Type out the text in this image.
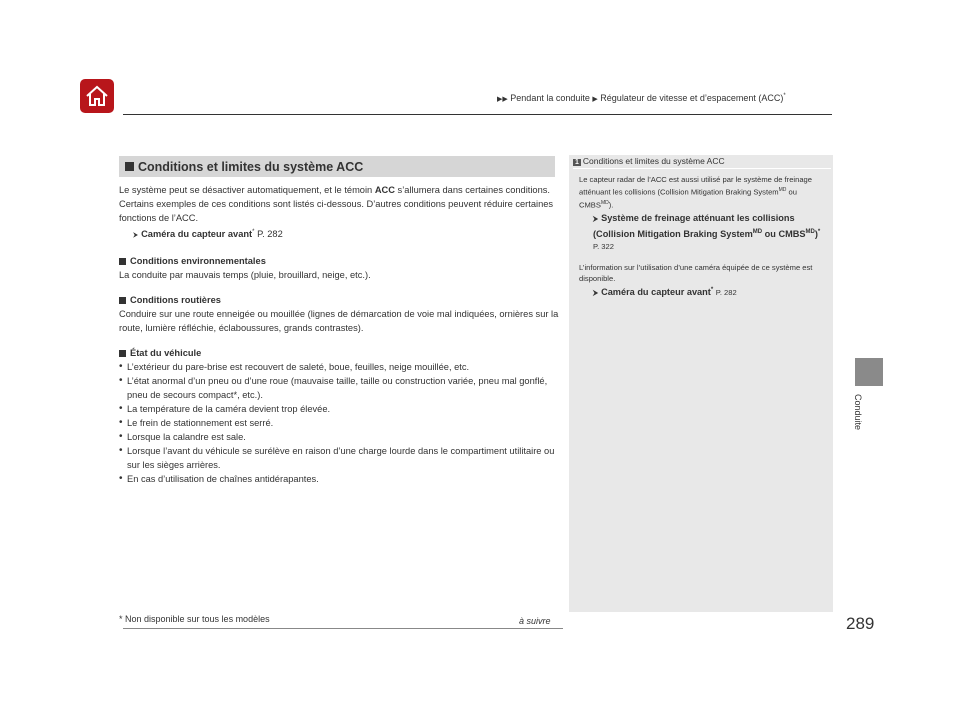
▶▶ Pendant la conduite ▶ Régulateur de vitesse et d’espacement (ACC)*
Conduite
Conditions et limites du système ACC

Le système peut se désactiver automatiquement, et le témoin ACC s’allumera dans certaines conditions. Certains exemples de ces conditions sont listés ci-dessous. D’autres conditions peuvent réduire certaines fonctions de l’ACC.

⮞ Caméra du capteur avant* P. 282

Conditions environnementales

La conduite par mauvais temps (pluie, brouillard, neige, etc.).

Conditions routières

Conduire sur une route enneigée ou mouillée (lignes de démarcation de voie mal indiquées, ornières sur la route, lumière réfléchie, éclaboussures, grands contrastes).

État du véhicule
• L’extérieur du pare-brise est recouvert de saleté, boue, feuilles, neige mouillée, etc.
• L’état anormal d’un pneu ou d’une roue (mauvaise taille, taille ou construction variée, pneu mal gonflé, pneu de secours compact*, etc.).
• La température de la caméra devient trop élevée.
• Le frein de stationnement est serré.
• Lorsque la calandre est sale.
• Lorsque l’avant du véhicule se surélève en raison d’une charge lourde dans le compartiment utilitaire ou sur les sièges arrières.
• En cas d’utilisation de chaînes antidérapantes.
1 Conditions et limites du système ACC

Le capteur radar de l’ACC est aussi utilisé par le système de freinage atténuant les collisions (Collision Mitigation Braking System$^{MD}$ ou $CMBS^{MD}$).

⮞ Système de freinage atténuant les collisions (Collision Mitigation Braking System$^{MD}$ ou $CMBS^{MD})^*$ P. 322

L’information sur l’utilisation d’une caméra équipée de ce système est disponible.

⮞ Caméra du capteur avant* P. 282

* Non disponible sur tous les modèles	à suivre	289
